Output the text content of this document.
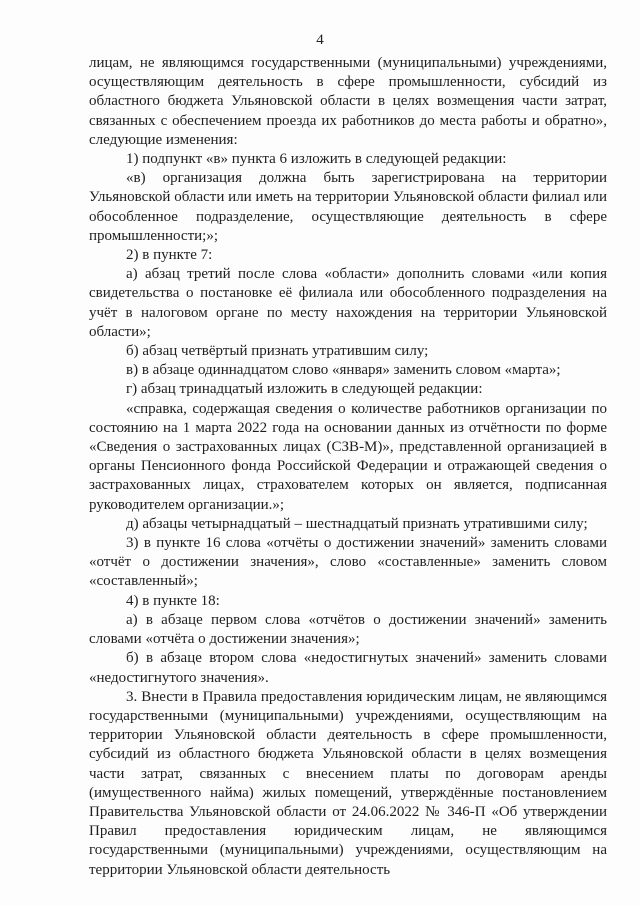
4

лицам, не являющимся государственными (муниципальными) учреждениями, осуществляющим деятельность в сфере промышленности, субсидий из областного бюджета Ульяновской области в целях возмещения части затрат, связанных с обеспечением проезда их работников до места работы и обратно», следующие изменения:

1) подпункт «в» пункта 6 изложить в следующей редакции:

«в) организация должна быть зарегистрирована на территории Ульяновской области или иметь на территории Ульяновской области филиал или обособленное подразделение, осуществляющие деятельность в сфере промышленности;»;

2) в пункте 7:

а) абзац третий после слова «области» дополнить словами «или копия свидетельства о постановке её филиала или обособленного подразделения на учёт в налоговом органе по месту нахождения на территории Ульяновской области»;

б) абзац четвёртый признать утратившим силу;

в) в абзаце одиннадцатом слово «января» заменить словом «марта»;

г) абзац тринадцатый изложить в следующей редакции:

«справка, содержащая сведения о количестве работников организации по состоянию на 1 марта 2022 года на основании данных из отчётности по форме «Сведения о застрахованных лицах (СЗВ-М)», представленной организацией в органы Пенсионного фонда Российской Федерации и отражающей сведения о застрахованных лицах, страхователем которых он является, подписанная руководителем организации.»;

д) абзацы четырнадцатый – шестнадцатый признать утратившими силу;

3) в пункте 16 слова «отчёты о достижении значений» заменить словами «отчёт о достижении значения», слово «составленные» заменить словом «составленный»;

4) в пункте 18:

а) в абзаце первом слова «отчётов о достижении значений» заменить словами «отчёта о достижении значения»;

б) в абзаце втором слова «недостигнутых значений» заменить словами «недостигнутого значения».

3. Внести в Правила предоставления юридическим лицам, не являющимся государственными (муниципальными) учреждениями, осуществляющим на территории Ульяновской области деятельность в сфере промышленности, субсидий из областного бюджета Ульяновской области в целях возмещения части затрат, связанных с внесением платы по договорам аренды (имущественного найма) жилых помещений, утверждённые постановлением Правительства Ульяновской области от 24.06.2022 № 346-П «Об утверждении Правил предоставления юридическим лицам, не являющимся государственными (муниципальными) учреждениями, осуществляющим на территории Ульяновской области деятельность
